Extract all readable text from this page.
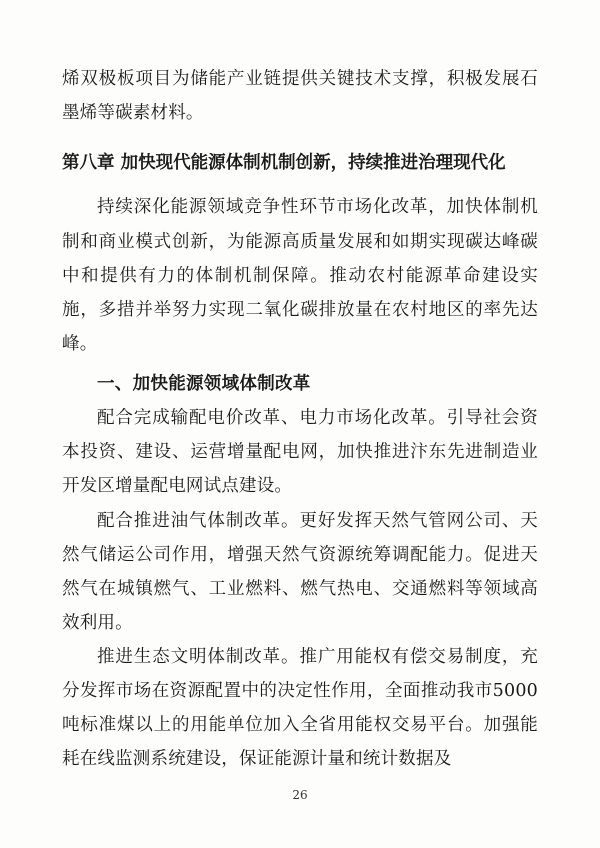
烯双极板项目为储能产业链提供关键技术支撑，积极发展石墨烯等碳素材料。

第八章 加快现代能源体制机制创新，持续推进治理现代化

持续深化能源领域竞争性环节市场化改革，加快体制机制和商业模式创新，为能源高质量发展和如期实现碳达峰碳中和提供有力的体制机制保障。推动农村能源革命建设实施，多措并举努力实现二氧化碳排放量在农村地区的率先达峰。

一、加快能源领域体制改革

配合完成输配电价改革、电力市场化改革。引导社会资本投资、建设、运营增量配电网，加快推进汴东先进制造业开发区增量配电网试点建设。

配合推进油气体制改革。更好发挥天然气管网公司、天然气储运公司作用，增强天然气资源统筹调配能力。促进天然气在城镇燃气、工业燃料、燃气热电、交通燃料等领域高效利用。

推进生态文明体制改革。推广用能权有偿交易制度，充分发挥市场在资源配置中的决定性作用，全面推动我市5000吨标准煤以上的用能单位加入全省用能权交易平台。加强能耗在线监测系统建设，保证能源计量和统计数据及

26
